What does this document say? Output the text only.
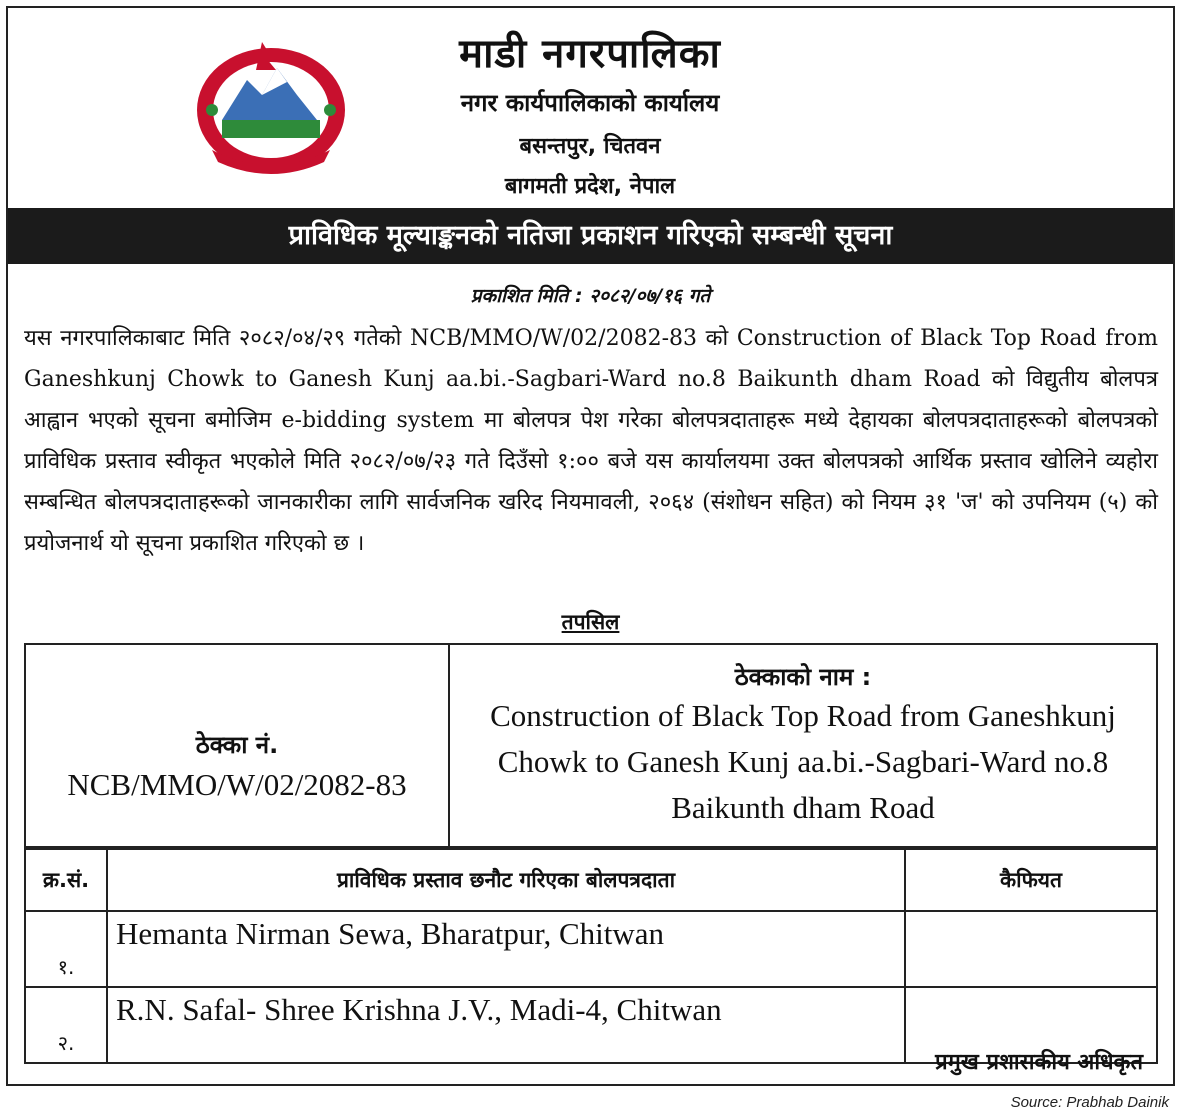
माडी नगरपालिका
नगर कार्यपालिकाको कार्यालय
बसन्तपुर, चितवन
बागमती प्रदेश, नेपाल
प्राविधिक मूल्याङ्कनको नतिजा प्रकाशन गरिएको सम्बन्धी सूचना
प्रकाशित मिति : २०८२/०७/१६ गते

यस नगरपालिकाबाट मिति २०८२/०४/२९ गतेको NCB/MMO/W/02/2082-83 को Construction of Black Top Road from Ganeshkunj Chowk to Ganesh Kunj aa.bi.-Sagbari-Ward no.8 Baikunth dham Road को विद्युतीय बोलपत्र आह्वान भएको सूचना बमोजिम e-bidding system मा बोलपत्र पेश गरेका बोलपत्रदाताहरू मध्ये देहायका बोलपत्रदाताहरूको बोलपत्रको प्राविधिक प्रस्ताव स्वीकृत भएकोले मिति २०८२/०७/२३ गते दिउँसो १:०० बजे यस कार्यालयमा उक्त बोलपत्रको आर्थिक प्रस्ताव खोलिने व्यहोरा सम्बन्धित बोलपत्रदाताहरूको जानकारीका लागि सार्वजनिक खरिद नियमावली, २०६४ (संशोधन सहित) को नियम ३१ 'ज' को उपनियम (५) को प्रयोजनार्थ यो सूचना प्रकाशित गरिएको छ ।

तपसिल
ठेक्का नं.
NCB/MMO/W/02/2082-83

ठेक्काको नाम :
Construction of Black Top Road from Ganeshkunj Chowk to Ganesh Kunj aa.bi.-Sagbari-Ward no.8 Baikunth dham Road
क्र.सं.	प्राविधिक प्रस्ताव छनौट गरिएका बोलपत्रदाता	कैफियत
१.	Hemanta Nirman Sewa, Bharatpur, Chitwan	
२.	R.N. Safal- Shree Krishna J.V., Madi-4, Chitwan	
प्रमुख प्रशासकीय अधिकृत
Source: Prabhab Dainik
